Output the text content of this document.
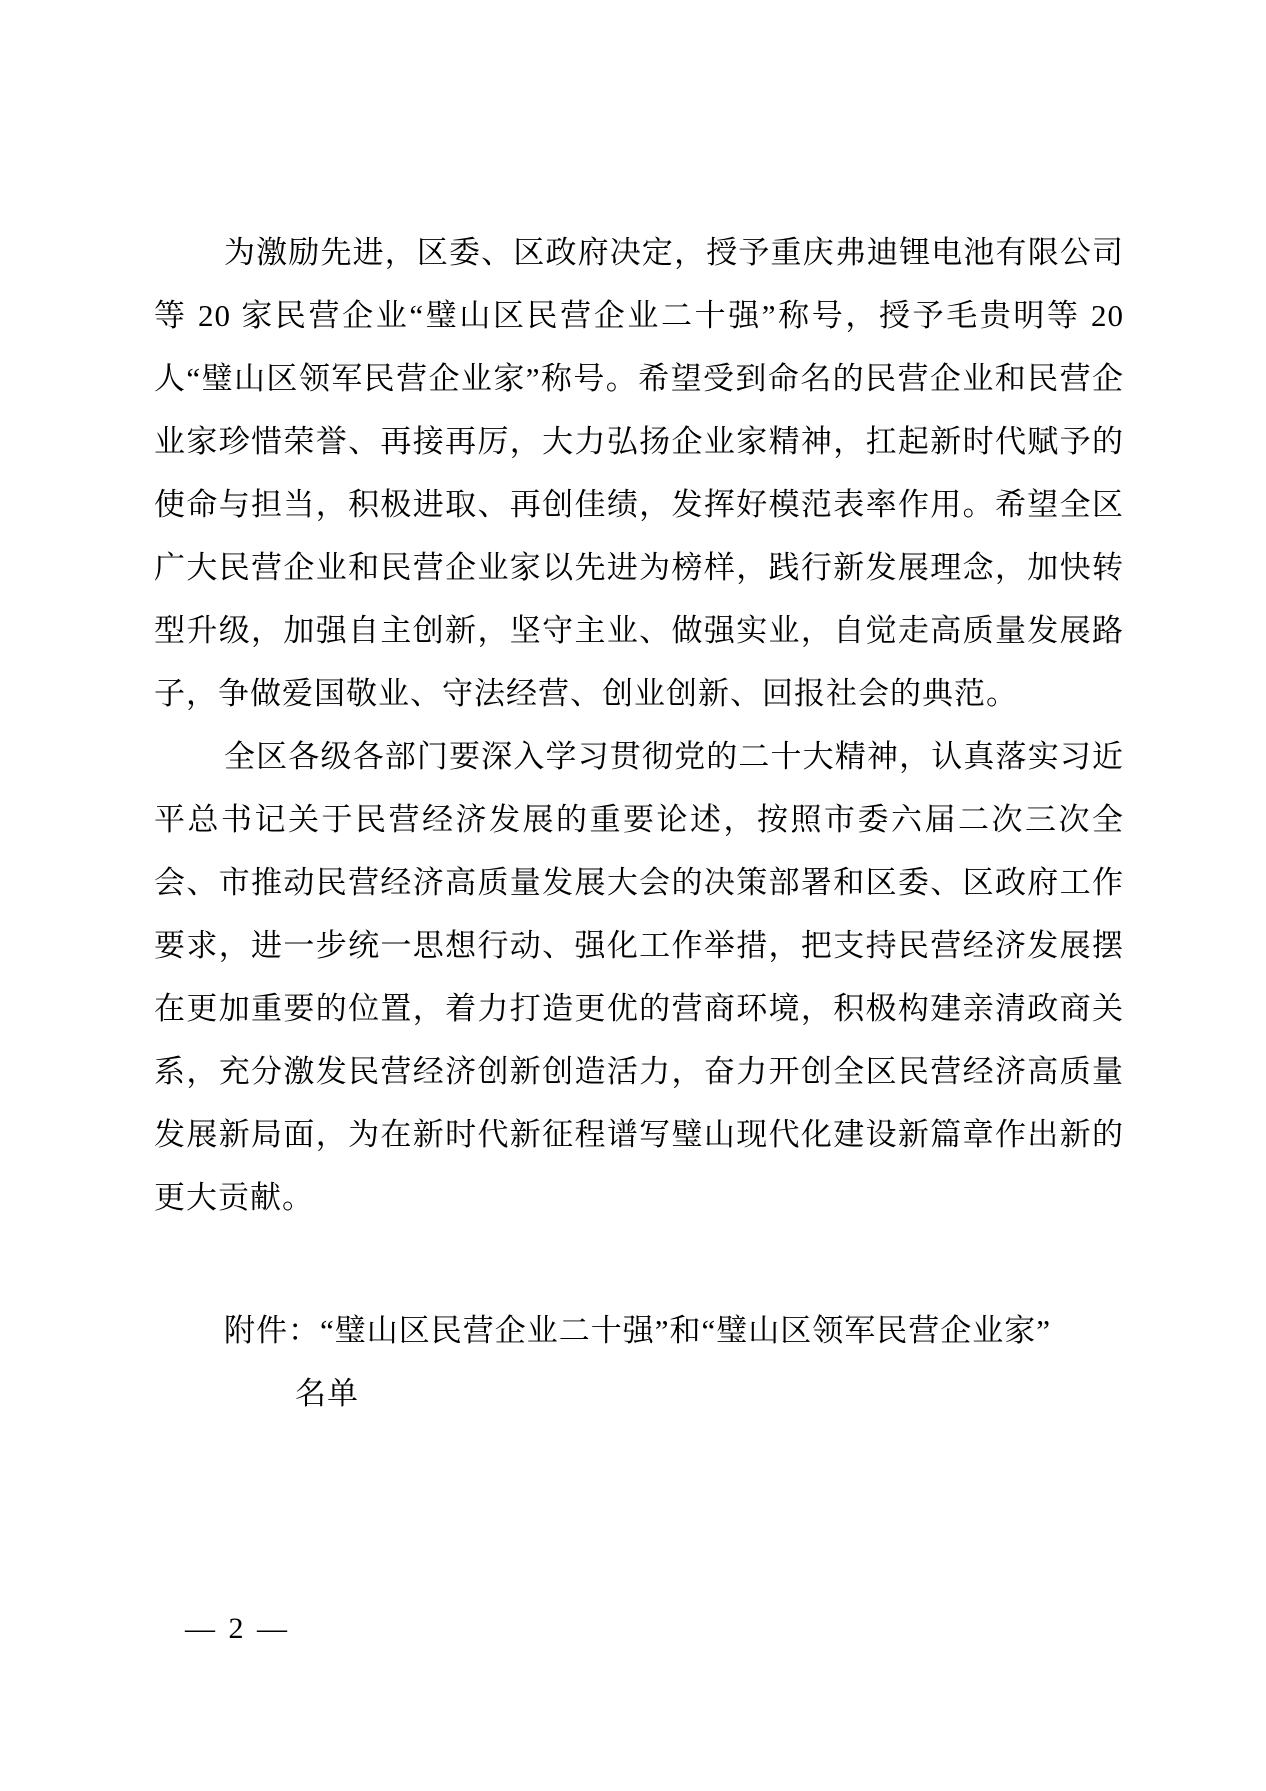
为激励先进，区委、区政府决定，授予重庆弗迪锂电池有限公司等 20 家民营企业“璧山区民营企业二十强”称号，授予毛贵明等 20 人“璧山区领军民营企业家”称号。希望受到命名的民营企业和民营企业家珍惜荣誉、再接再厉，大力弘扬企业家精神，扛起新时代赋予的使命与担当，积极进取、再创佳绩，发挥好模范表率作用。希望全区广大民营企业和民营企业家以先进为榜样，践行新发展理念，加快转型升级，加强自主创新，坚守主业、做强实业，自觉走高质量发展路子，争做爱国敬业、守法经营、创业创新、回报社会的典范。

全区各级各部门要深入学习贯彻党的二十大精神，认真落实习近平总书记关于民营经济发展的重要论述，按照市委六届二次三次全会、市推动民营经济高质量发展大会的决策部署和区委、区政府工作要求，进一步统一思想行动、强化工作举措，把支持民营经济发展摆在更加重要的位置，着力打造更优的营商环境，积极构建亲清政商关系，充分激发民营经济创新创造活力，奋力开创全区民营经济高质量发展新局面，为在新时代新征程谱写璧山现代化建设新篇章作出新的更大贡献。

附件：“璧山区民营企业二十强”和“璧山区领军民营企业家”
名单
— 2 —
